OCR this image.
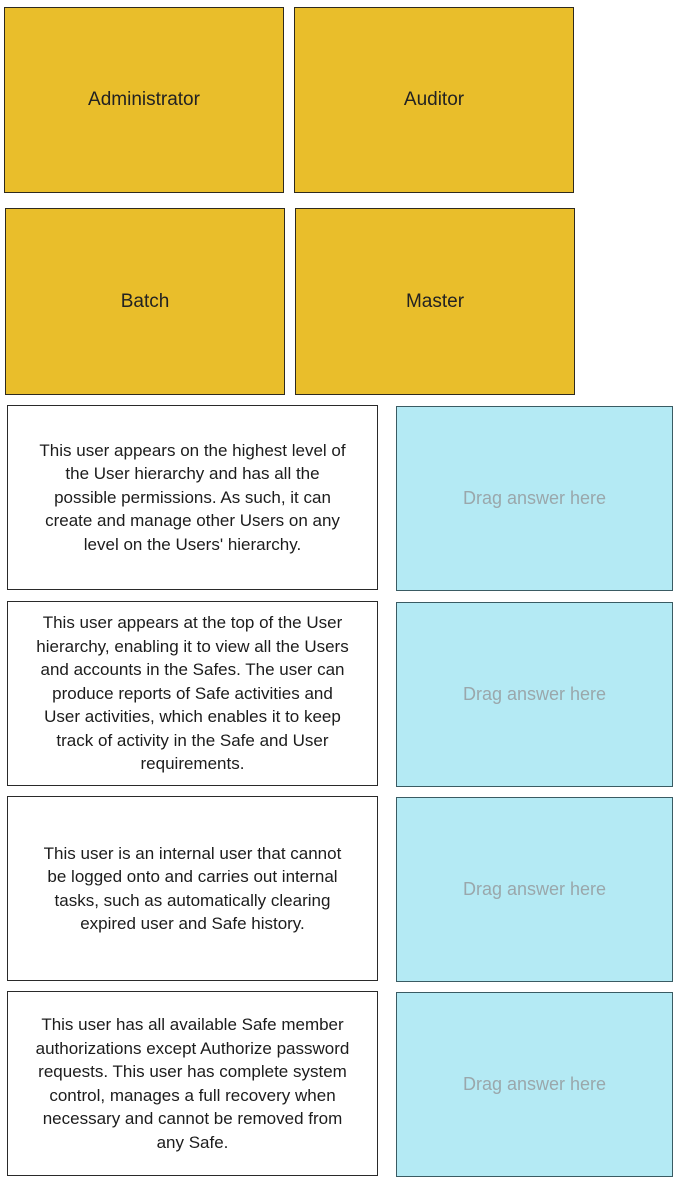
Administrator	Auditor
Batch	Master
This user appears on the highest level of
the User hierarchy and has all the
possible permissions. As such, it can
create and manage other Users on any
level on the Users' hierarchy.
Drag answer here
This user appears at the top of the User
hierarchy, enabling it to view all the Users
and accounts in the Safes. The user can
produce reports of Safe activities and
User activities, which enables it to keep
track of activity in the Safe and User
requirements.
Drag answer here
This user is an internal user that cannot
be logged onto and carries out internal
tasks, such as automatically clearing
expired user and Safe history.
Drag answer here
This user has all available Safe member
authorizations except Authorize password
requests. This user has complete system
control, manages a full recovery when
necessary and cannot be removed from
any Safe.
Drag answer here
